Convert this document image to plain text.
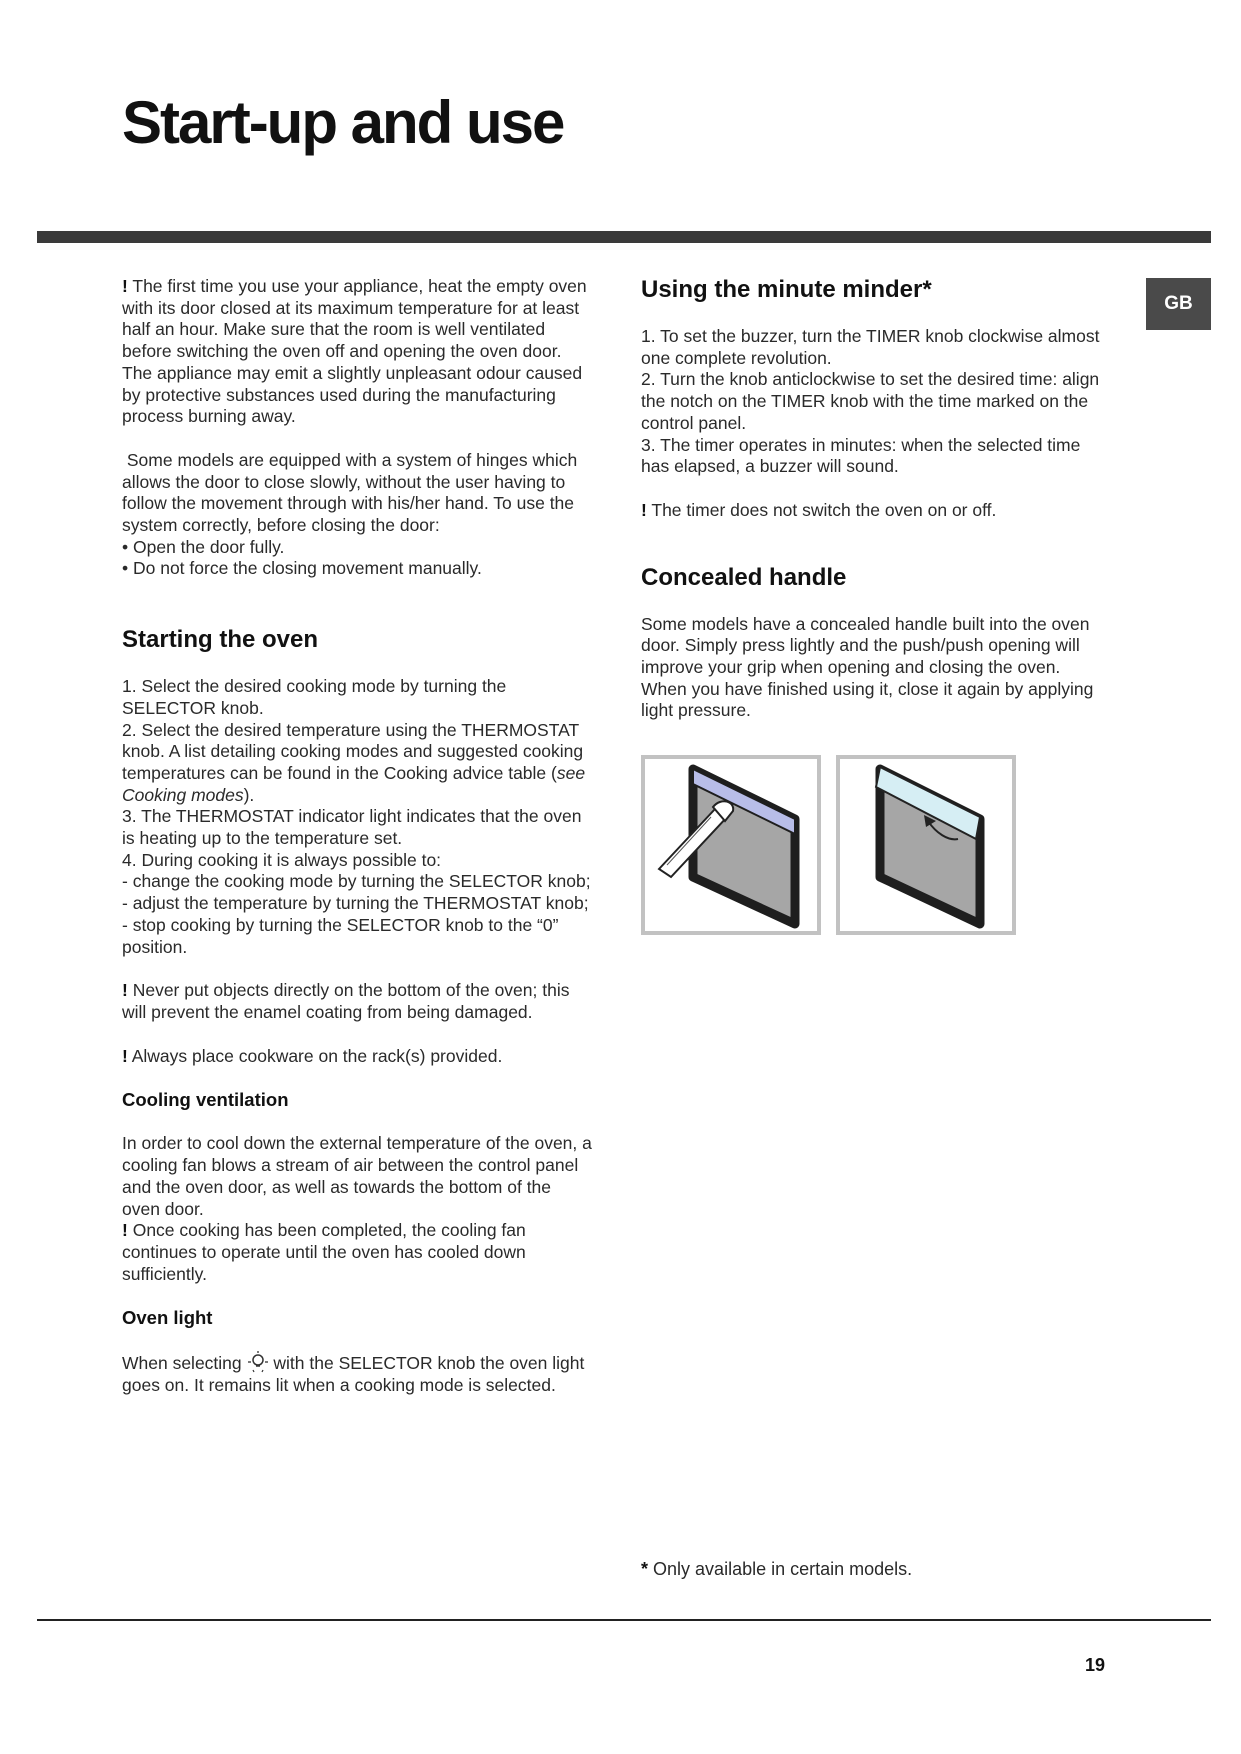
Start-up and use
GB

! The first time you use your appliance, heat the empty oven with its door closed at its maximum temperature for at least half an hour. Make sure that the room is well ventilated before switching the oven off and opening the oven door. The appliance may emit a slightly unpleasant odour caused by protective substances used during the manufacturing process burning away.

Some models are equipped with a system of hinges which allows the door to close slowly, without the user having to follow the movement through with his/her hand. To use the system correctly, before closing the door:

• Open the door fully.

• Do not force the closing movement manually.

Starting the oven

1. Select the desired cooking mode by turning the SELECTOR knob.

2. Select the desired temperature using the THERMOSTAT knob. A list detailing cooking modes and suggested cooking temperatures can be found in the Cooking advice table (see Cooking modes).

3. The THERMOSTAT indicator light indicates that the oven is heating up to the temperature set.

4. During cooking it is always possible to:

- change the cooking mode by turning the SELECTOR knob;

- adjust the temperature by turning the THERMOSTAT knob;

- stop cooking by turning the SELECTOR knob to the “0” position.

! Never put objects directly on the bottom of the oven; this will prevent the enamel coating from being damaged.

! Always place cookware on the rack(s) provided.

Cooling ventilation

In order to cool down the external temperature of the oven, a cooling fan blows a stream of air between the control panel and the oven door, as well as towards the bottom of the oven door.

! Once cooking has been completed, the cooling fan continues to operate until the oven has cooled down sufficiently.

Oven light

When selecting with the SELECTOR knob the oven light goes on. It remains lit when a cooking mode is selected.

Using the minute minder*

1. To set the buzzer, turn the TIMER knob clockwise almost one complete revolution.

2. Turn the knob anticlockwise to set the desired time: align the notch on the TIMER knob with the time marked on the control panel.

3. The timer operates in minutes: when the selected time has elapsed, a buzzer will sound.

! The timer does not switch the oven on or off.

Concealed handle

Some models have a concealed handle built into the oven door. Simply press lightly and the push/push opening will improve your grip when opening and closing the oven. When you have finished using it, close it again by applying light pressure.

* Only available in certain models.
19
